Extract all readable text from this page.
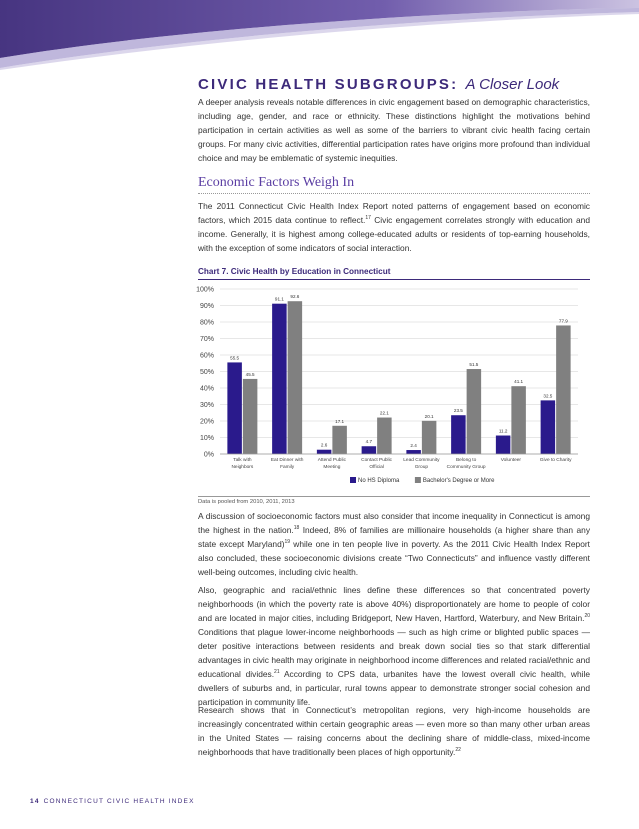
CIVIC HEALTH SUBGROUPS: A Closer Look

A deeper analysis reveals notable differences in civic engagement based on demographic characteristics, including age, gender, and race or ethnicity. These distinctions highlight the motivations behind participation in certain activities as well as some of the barriers to vibrant civic health facing certain groups. For many civic activities, differential participation rates have origins more profound than individual choice and may be emblematic of systemic inequities.

Economic Factors Weigh In

The 2011 Connecticut Civic Health Index Report noted patterns of engagement based on economic factors, which 2015 data continue to reflect.$^{17}$ Civic engagement correlates strongly with education and income. Generally, it is highest among college-educated adults or residents of top-earning households, with the exception of some indicators of social interaction.

Chart 7. Civic Health by Education in Connecticut
0%
10%
20%
30%
40%
50%
60%
70%
80%
90%
100%
55.5
45.5
Talk with
Neighbors
91.1 92.6
Eat Dinner with
Family
2.6
17.1
Attend Public
Meeting
4.7
22.1
Contact Public
Official
2.4
20.1
Lead Community
Group
23.5
51.5
Belong to
Community Group
11.2
41.1
Volunteer
32.5
77.9
Give to Charity
No HS Diploma	Bachelor's Degree or More
Data is pooled from 2010, 2011, 2013

A discussion of socioeconomic factors must also consider that income inequality in Connecticut is among the highest in the nation.$^{18}$ Indeed, 8% of families are millionaire households (a higher share than any state except Maryland)$^{19}$ while one in ten people live in poverty. As the 2011 Civic Health Index Report also concluded, these socioeconomic divisions create “Two Connecticuts” and influence vastly different well-being outcomes, including civic health.

Also, geographic and racial/ethnic lines define these differences so that concentrated poverty neighborhoods (in which the poverty rate is above 40%) disproportionately are home to people of color and are located in major cities, including Bridgeport, New Haven, Hartford, Waterbury, and New Britain.$^{20}$ Conditions that plague lower-income neighborhoods — such as high crime or blighted public spaces — deter positive interactions between residents and break down social ties so that stark differential advantages in civic health may originate in neighborhood income differences and related racial/ethnic and educational divides.$^{21}$ According to CPS data, urbanites have the lowest overall civic health, while dwellers of suburbs and, in particular, rural towns appear to demonstrate stronger social cohesion and participation in community life.

Research shows that in Connecticut’s metropolitan regions, very high-income households are increasingly concentrated within certain geographic areas — even more so than many other urban areas in the United States — raising concerns about the declining share of middle-class, mixed-income neighborhoods that have traditionally been places of high opportunity.$^{22}$

14 CONNECTICUT CIVIC HEALTH INDEX
